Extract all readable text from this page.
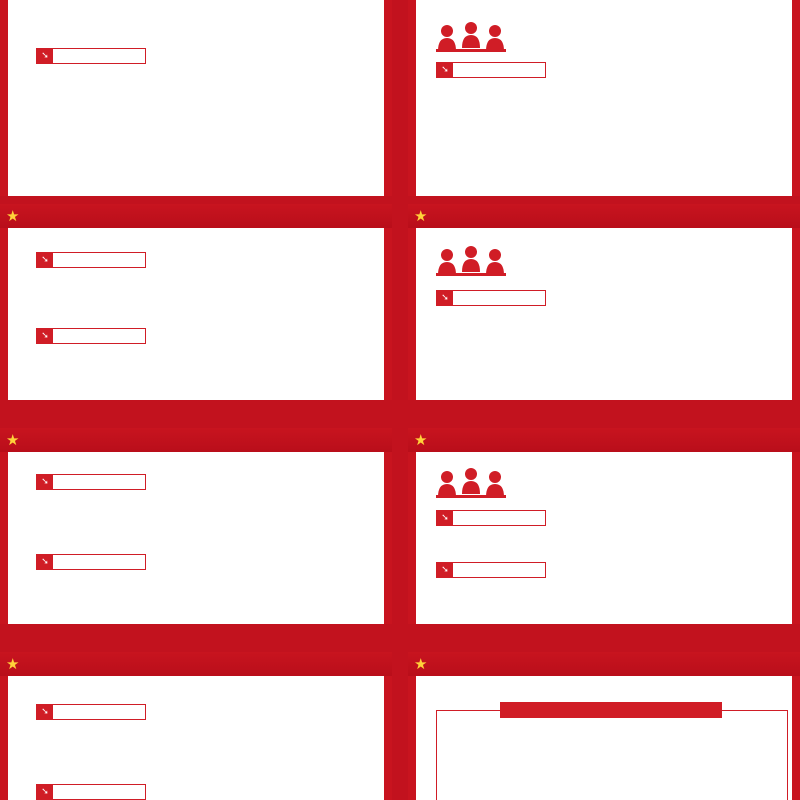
➘
➘
★
➘
➘
★
➘
★
➘
➘
★
➘
➘
★
➘
➘
★
